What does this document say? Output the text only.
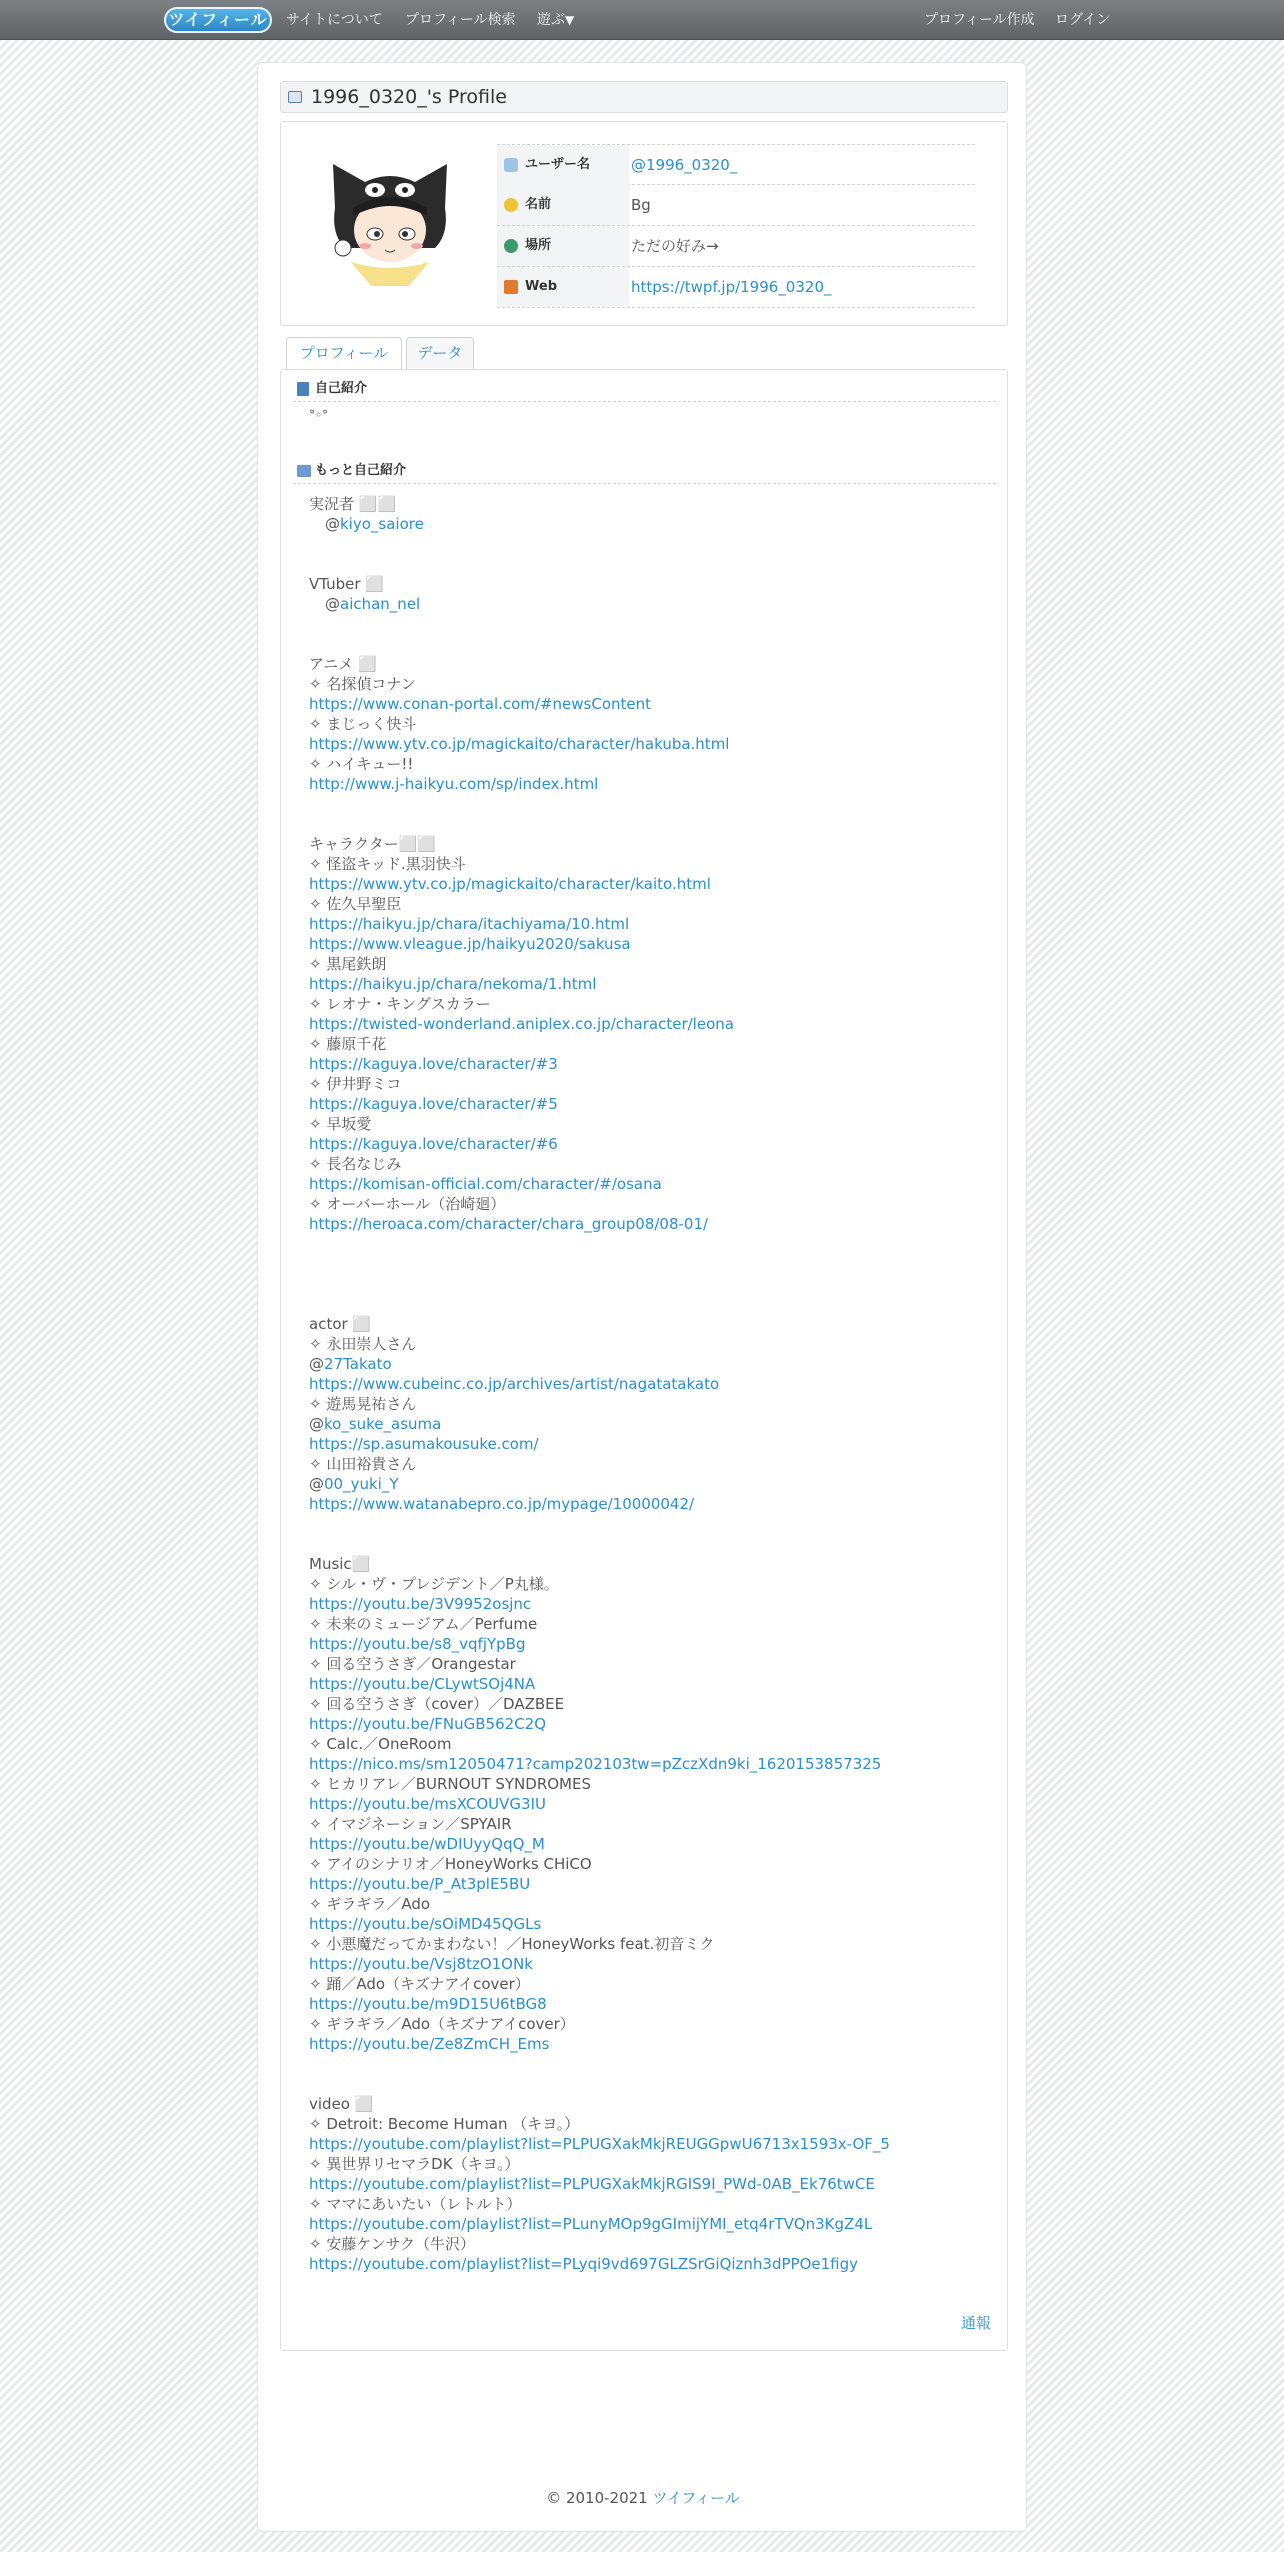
ツイフィール	サイトについて プロフィール検索 遊ぶ▼	プロフィール作成 ログイン
1996_0320_'s Profile
ユーザー名	@1996_0320_
名前	Bg
場所	ただの好み→
Web	https://twpf.jp/1996_0320_
プロフィール	データ
自己紹介
°◦°
もっと自己紹介
実況者 ⬜⬜
@kiyo_saiore
VTuber ⬜
@aichan_nel
アニメ ⬜
✧ 名探偵コナン
https://www.conan-portal.com/#newsContent
✧ まじっく快斗
https://www.ytv.co.jp/magickaito/character/hakuba.html
✧ ハイキュー!!
http://www.j-haikyu.com/sp/index.html
キャラクター⬜⬜
✧ 怪盗キッド.黒羽快斗
https://www.ytv.co.jp/magickaito/character/kaito.html
✧ 佐久早聖臣
https://haikyu.jp/chara/itachiyama/10.html
https://www.vleague.jp/haikyu2020/sakusa
✧ 黒尾鉄朗
https://haikyu.jp/chara/nekoma/1.html
✧ レオナ・キングスカラー
https://twisted-wonderland.aniplex.co.jp/character/leona
✧ 藤原千花
https://kaguya.love/character/#3
✧ 伊井野ミコ
https://kaguya.love/character/#5
✧ 早坂愛
https://kaguya.love/character/#6
✧ 長名なじみ
https://komisan-official.com/character/#/osana
✧ オーバーホール（治崎廻）
https://heroaca.com/character/chara_group08/08-01/
actor ⬜
✧ 永田崇人さん
@27Takato
https://www.cubeinc.co.jp/archives/artist/nagatatakato
✧ 遊馬晃祐さん
@ko_suke_asuma
https://sp.asumakousuke.com/
✧ 山田裕貴さん
@00_yuki_Y
https://www.watanabepro.co.jp/mypage/10000042/
Music⬜
✧ シル・ヴ・プレジデント／P丸様。
https://youtu.be/3V9952osjnc
✧ 未来のミュージアム／Perfume
https://youtu.be/s8_vqfjYpBg
✧ 回る空うさぎ／Orangestar
https://youtu.be/CLywtSOj4NA
✧ 回る空うさぎ（cover）／DAZBEE
https://youtu.be/FNuGB562C2Q
✧ Calc.／OneRoom
https://nico.ms/sm12050471?camp202103tw=pZczXdn9ki_1620153857325
✧ ヒカリアレ／BURNOUT SYNDROMES
https://youtu.be/msXCOUVG3IU
✧ イマジネーション／SPYAIR
https://youtu.be/wDIUyyQqQ_M
✧ アイのシナリオ／HoneyWorks CHiCO
https://youtu.be/P_At3plE5BU
✧ ギラギラ／Ado
https://youtu.be/sOiMD45QGLs
✧ 小悪魔だってかまわない！／HoneyWorks feat.初音ミク
https://youtu.be/Vsj8tzO1ONk
✧ 踊／Ado（キズナアイcover）
https://youtu.be/m9D15U6tBG8
✧ ギラギラ／Ado（キズナアイcover）
https://youtu.be/Ze8ZmCH_Ems
video ⬜
✧ Detroit: Become Human （キヨ。）
https://youtube.com/playlist?list=PLPUGXakMkjREUGGpwU6713x1593x-OF_5
✧ 異世界リセマラDK（キヨ。）
https://youtube.com/playlist?list=PLPUGXakMkjRGIS9I_PWd-0AB_Ek76twCE
✧ ママにあいたい（レトルト）
https://youtube.com/playlist?list=PLunyMOp9gGImijYMI_etq4rTVQn3KgZ4L
✧ 安藤ケンサク（牛沢）
https://youtube.com/playlist?list=PLyqi9vd697GLZSrGiQiznh3dPPOe1figy
通報
© 2010-2021 ツイフィール
